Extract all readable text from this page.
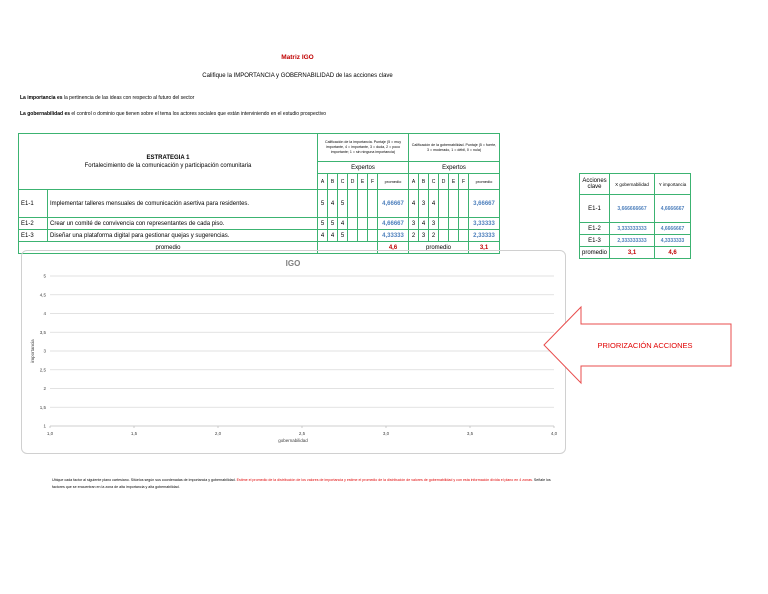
Matriz IGO
Califique la IMPORTANCIA y GOBERNABILIDAD de las acciones clave
La importancia es la pertinencia de las ideas con respecto al futuro del sector
La gobernabilidad es el control o dominio que tienen sobre el tema los actores sociales que están interviniendo en el estudio prospectivo
ESTRATEGIA 1
Fortalecimiento de la comunicación y participación comunitaria		Calificación de la importancia. Puntaje (5 = muy importante, 4 = importante, 3 = duda, 2 = poco importante; 1 = sin ninguna importancia)							Calificación de la gobernabilidad. Puntaje (5 = fuerte, 3 = moderado, 1 = débil, 0 = nula)						
		Expertos							Expertos						
		A	B	C	D	E	F	promedio	A	B	C	D	E	F	promedio
E1-1	Implementar talleres mensuales de comunicación asertiva para residentes.	5	4	5				4,66667	4	3	4				3,66667
E1-2	Crear un comité de convivencia con representantes de cada piso.	5	5	4				4,66667	3	4	3				3,33333
E1-3	Diseñar una plataforma digital para gestionar quejas y sugerencias.	4	4	5				4,33333	2	3	2				2,33333
promedio								4,6	promedio						3,1
Acciones clave	X gobernabilidad	Y importancia
E1-1	3,666666667	4,6666667
E1-2	3,333333333	4,6666667
E1-3	2,333333333	4,3333333
promedio	3,1	4,6
IGO
1
1,5
2
2,5
3
3,5
4
4,5
5
1,0	1,5	2,0	2,5	3,0	3,5	4,0
gobernabilidad
importancia	PRIORIZACIÓN ACCIONES
Ubique cada factor al siguiente plano cartesiano. Sitúelos según sus coordenadas de importancia y gobernabilidad. Estime el promedio de la distribución de los valores de importancia y estime el promedio de la distribución de valores de gobernabilidad y con esta información divida el plano en 4 zonas. Señale los factores que se encuentran en la zona de alta importancia y alta gobernabilidad.
